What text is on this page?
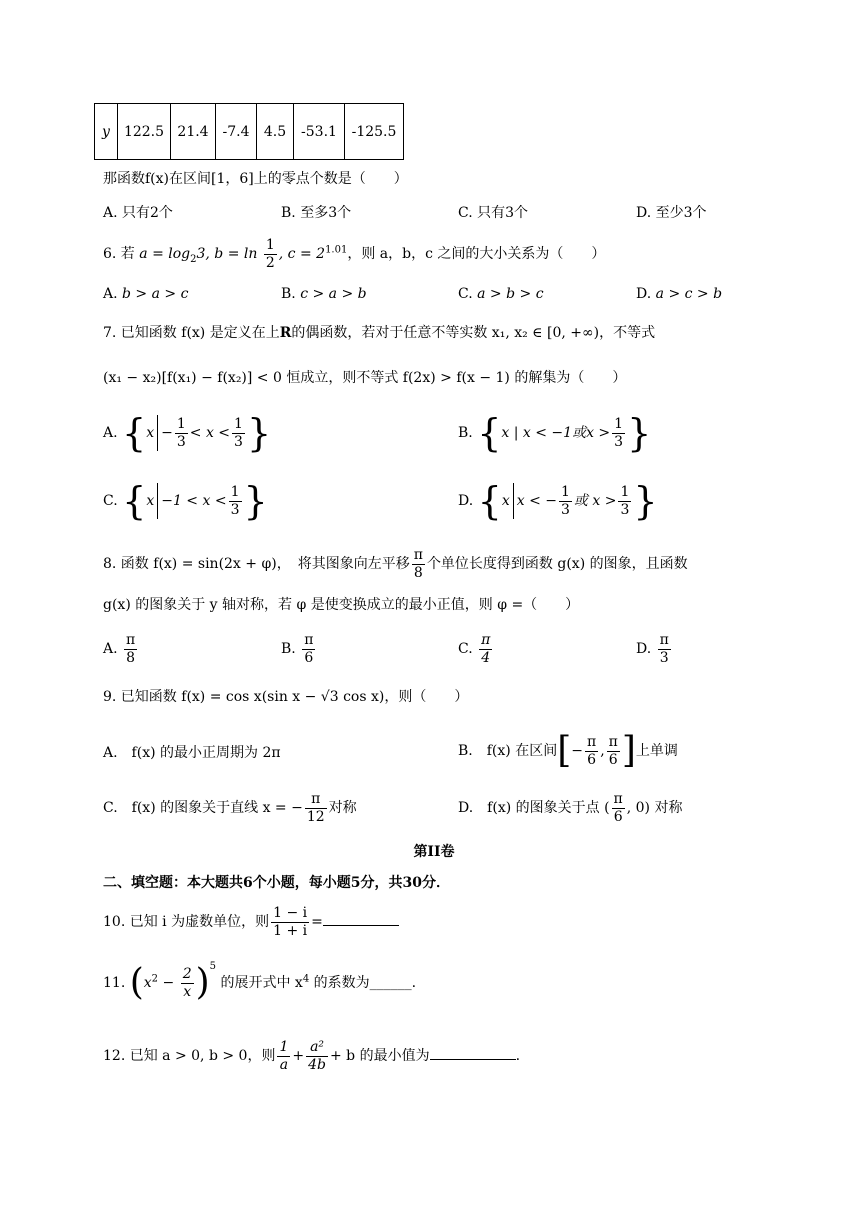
y	122.5	21.4	-7.4	4.5	-53.1	-125.5
那函数f(x)在区间[1，6]上的零点个数是（　　）
A. 只有2个	B. 至多3个	C. 只有3个	D. 至少3个
6. 若 $a = \log_23$, $b = \ln \frac{1}{2}$ , $c = 2^{1.01}$，则 a，b，c 之间的大小关系为（　　）
A. b > a > c	B. c > a > b	C. a > b > c	D. a > c > b
7. 已知函数 f(x) 是定义在上R的偶函数，若对于任意不等实数 x₁, x₂ ∈ [0, +∞)，不等式
(x₁ − x₂)[f(x₁) − f(x₂)] < 0 恒成立，则不等式 f(2x) > f(x − 1) 的解集为（　　）
A. {$x - \frac{1}{3} < x < \frac{1}{3}$ }	B. {x | x < −1或$x > \frac{1}{3}$ }
C. {$x -1 < x < \frac{1}{3}$ }	D. {x x < − $\frac{1}{3}$ 或 $x > \frac{1}{3}$ }
8. 函数 f(x) = sin(2x + φ)，　将其图象向左平移 $\frac{\pi}{8}$ 个单位长度得到函数 g(x) 的图象，且函数
g(x) 的图象关于 y 轴对称，若 φ 是使变换成立的最小正值，则 φ =（　　）
A. $\frac{\pi}{8}$	B. $\frac{\pi}{6}$	C. $\frac{\pi}{4}$	D. $\frac{\pi}{3}$
9. 已知函数 f(x) = cos x(sin x − √3 cos x)，则（　　）
A.　f(x) 的最小正周期为 2π	B.　f(x) 在区间[− $\frac{\pi}{6}$ , $\frac{\pi}{6}$ ]上单调
C.　f(x) 的图象关于直线 x = − $\frac{\pi}{12}$ 对称	D.　f(x) 的图象关于点 ( $\frac{\pi}{6}$ , 0) 对称
第II卷
二、填空题：本大题共6个小题，每小题5分，共30分．
10. 已知 i 为虚数单位，则 $\frac{1 - i}{1 + i}$ =
11. $(x^2 - \frac{2}{x} )^5$ 的展开式中 $x^4$ 的系数为______.
12. 已知 a > 0, b > 0，则 $\frac{1}{a} + \frac{\text{a²}}{4b} + b$ 的最小值为	.
